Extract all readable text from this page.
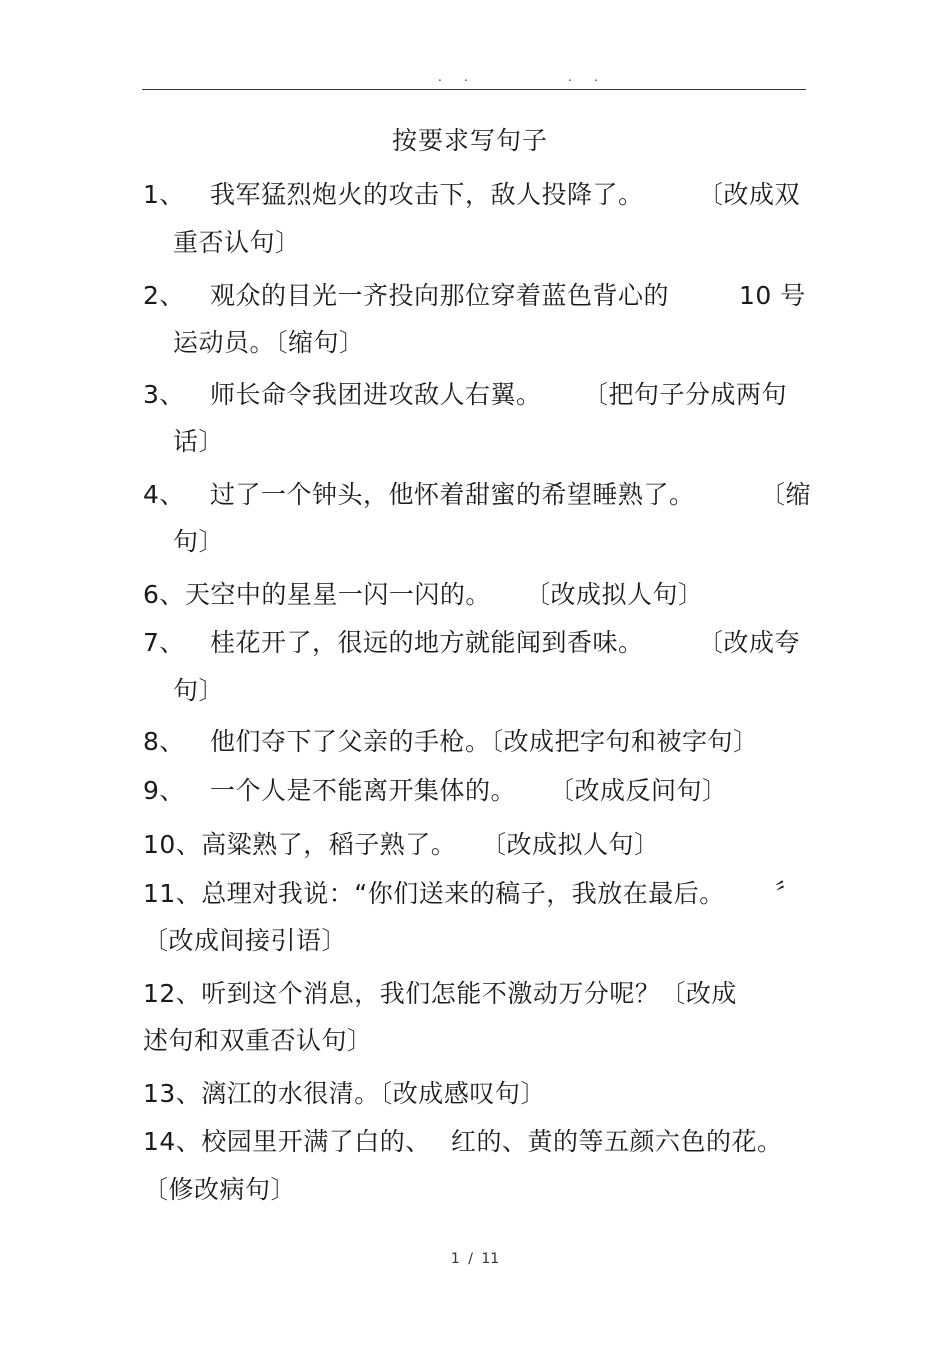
. .	. .
按要求写句子
1、 我军猛烈炮火的攻击下，敌人投降了。 〔改成双
重否认句〕
2、 观众的目光一齐投向那位穿着蓝色背心的	10 号
运动员。〔缩句〕
3、 师长命令我团进攻敌人右翼。 〔把句子分成两句
话〕
4、 过了一个钟头，他怀着甜蜜的希望睡熟了。	〔缩
句〕
6、天空中的星星一闪一闪的。 〔改成拟人句〕
7、 桂花开了，很远的地方就能闻到香味。 〔改成夸
句〕
8、 他们夺下了父亲的手枪。〔改成把字句和被字句〕
9、 一个人是不能离开集体的。 〔改成反问句〕
10、高粱熟了，稻子熟了。 〔改成拟人句〕
11、总理对我说：“你们送来的稿子，我放在最后。 〞
〔改成间接引语〕
12、听到这个消息，我们怎能不激动万分呢？〔改成
述句和双重否认句〕
13、漓江的水很清。〔改成感叹句〕
14、校园里开满了白的、 红的、黄的等五颜六色的花。
〔修改病句〕
1 / 11
